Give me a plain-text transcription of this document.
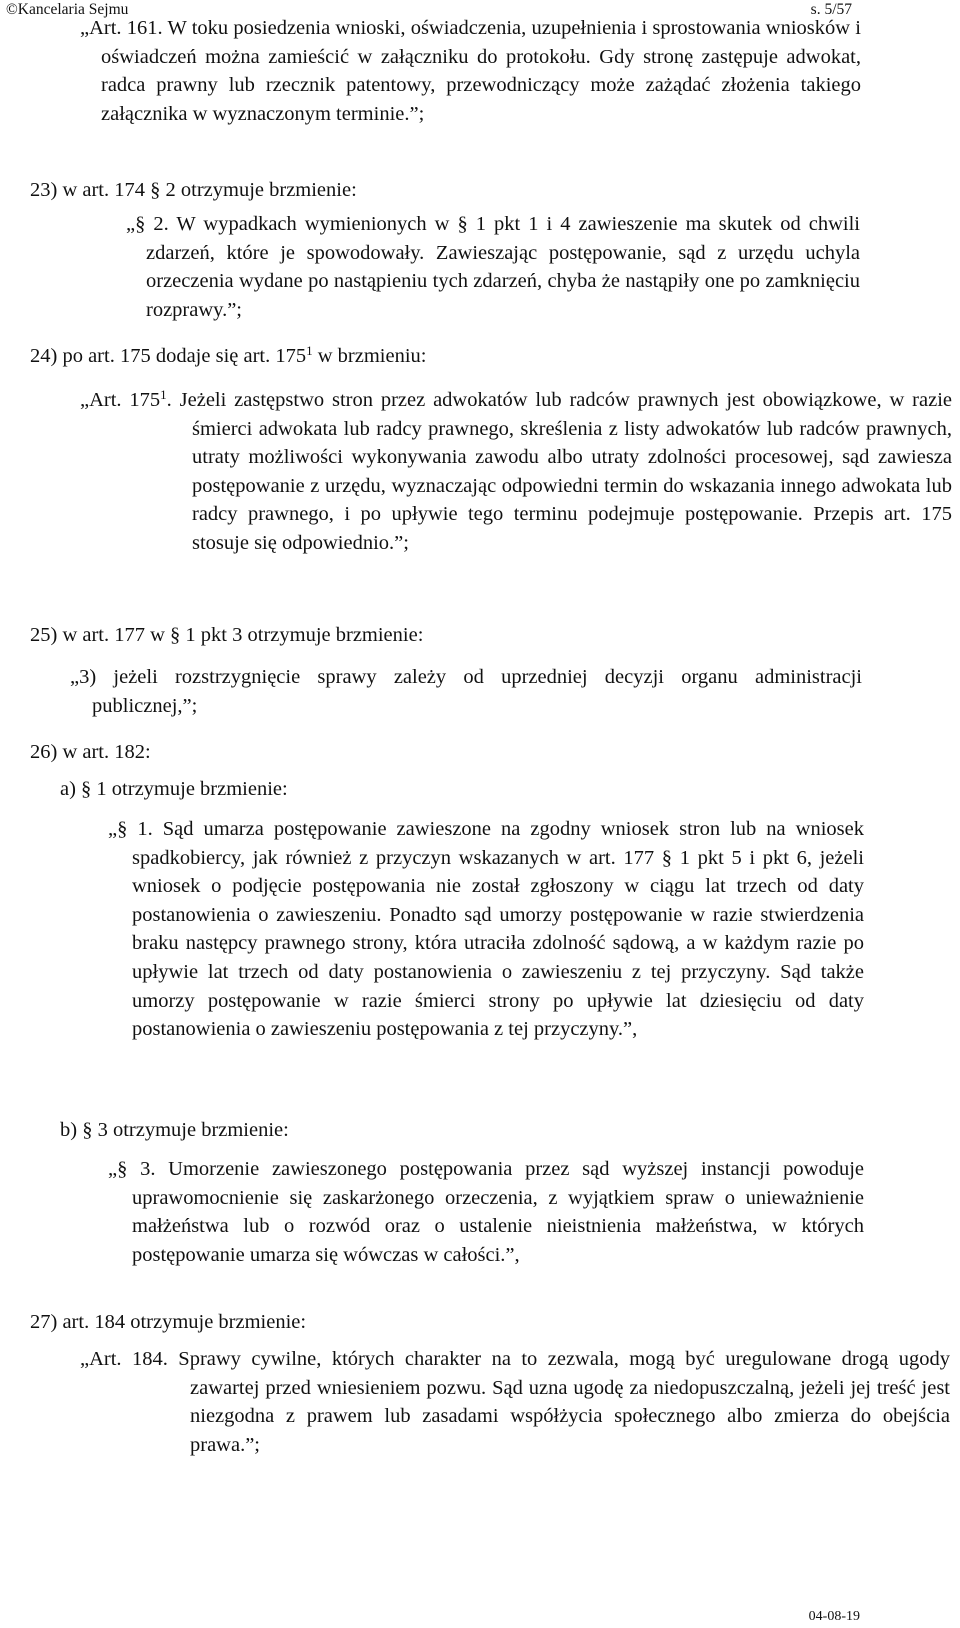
©Kancelaria Sejmu	s. 5/57

„Art. 161. W toku posiedzenia wnioski, oświadczenia, uzupełnienia i sprostowania wniosków i oświadczeń można zamieścić w załączniku do protokołu. Gdy stronę zastępuje adwokat, radca prawny lub rzecznik patentowy, przewodniczący może zażądać złożenia takiego załącznika w wyznaczonym terminie.”;

23) w art. 174 § 2 otrzymuje brzmienie:

„§ 2. W wypadkach wymienionych w § 1 pkt 1 i 4 zawieszenie ma skutek od chwili zdarzeń, które je spowodowały. Zawieszając postępowanie, sąd z urzędu uchyla orzeczenia wydane po nastąpieniu tych zdarzeń, chyba że nastąpiły one po zamknięciu rozprawy.”;

24) po art. 175 dodaje się art. $175^1$ w brzmieniu:

„Art. $175^1$. Jeżeli zastępstwo stron przez adwokatów lub radców prawnych jest obowiązkowe, w razie śmierci adwokata lub radcy prawnego, skreślenia z listy adwokatów lub radców prawnych, utraty możliwości wykonywania zawodu albo utraty zdolności procesowej, sąd zawiesza postępowanie z urzędu, wyznaczając odpowiedni termin do wskazania innego adwokata lub radcy prawnego, i po upływie tego terminu podejmuje postępowanie. Przepis art. 175 stosuje się odpowiednio.”;

25) w art. 177 w § 1 pkt 3 otrzymuje brzmienie:

„3) jeżeli rozstrzygnięcie sprawy zależy od uprzedniej decyzji organu administracji publicznej,”;

26) w art. 182:

a) § 1 otrzymuje brzmienie:

„§ 1. Sąd umarza postępowanie zawieszone na zgodny wniosek stron lub na wniosek spadkobiercy, jak również z przyczyn wskazanych w art. 177 § 1 pkt 5 i pkt 6, jeżeli wniosek o podjęcie postępowania nie został zgłoszony w ciągu lat trzech od daty postanowienia o zawieszeniu. Ponadto sąd umorzy postępowanie w razie stwierdzenia braku następcy prawnego strony, która utraciła zdolność sądową, a w każdym razie po upływie lat trzech od daty postanowienia o zawieszeniu z tej przyczyny. Sąd także umorzy postępowanie w razie śmierci strony po upływie lat dziesięciu od daty postanowienia o zawieszeniu postępowania z tej przyczyny.”,

b) § 3 otrzymuje brzmienie:

„§ 3. Umorzenie zawieszonego postępowania przez sąd wyższej instancji powoduje uprawomocnienie się zaskarżonego orzeczenia, z wyjątkiem spraw o unieważnienie małżeństwa lub o rozwód oraz o ustalenie nieistnienia małżeństwa, w których postępowanie umarza się wówczas w całości.”,

27) art. 184 otrzymuje brzmienie:

„Art. 184. Sprawy cywilne, których charakter na to zezwala, mogą być uregulowane drogą ugody zawartej przed wniesieniem pozwu. Sąd uzna ugodę za niedopuszczalną, jeżeli jej treść jest niezgodna z prawem lub zasadami współżycia społecznego albo zmierza do obejścia prawa.”;

04-08-19
